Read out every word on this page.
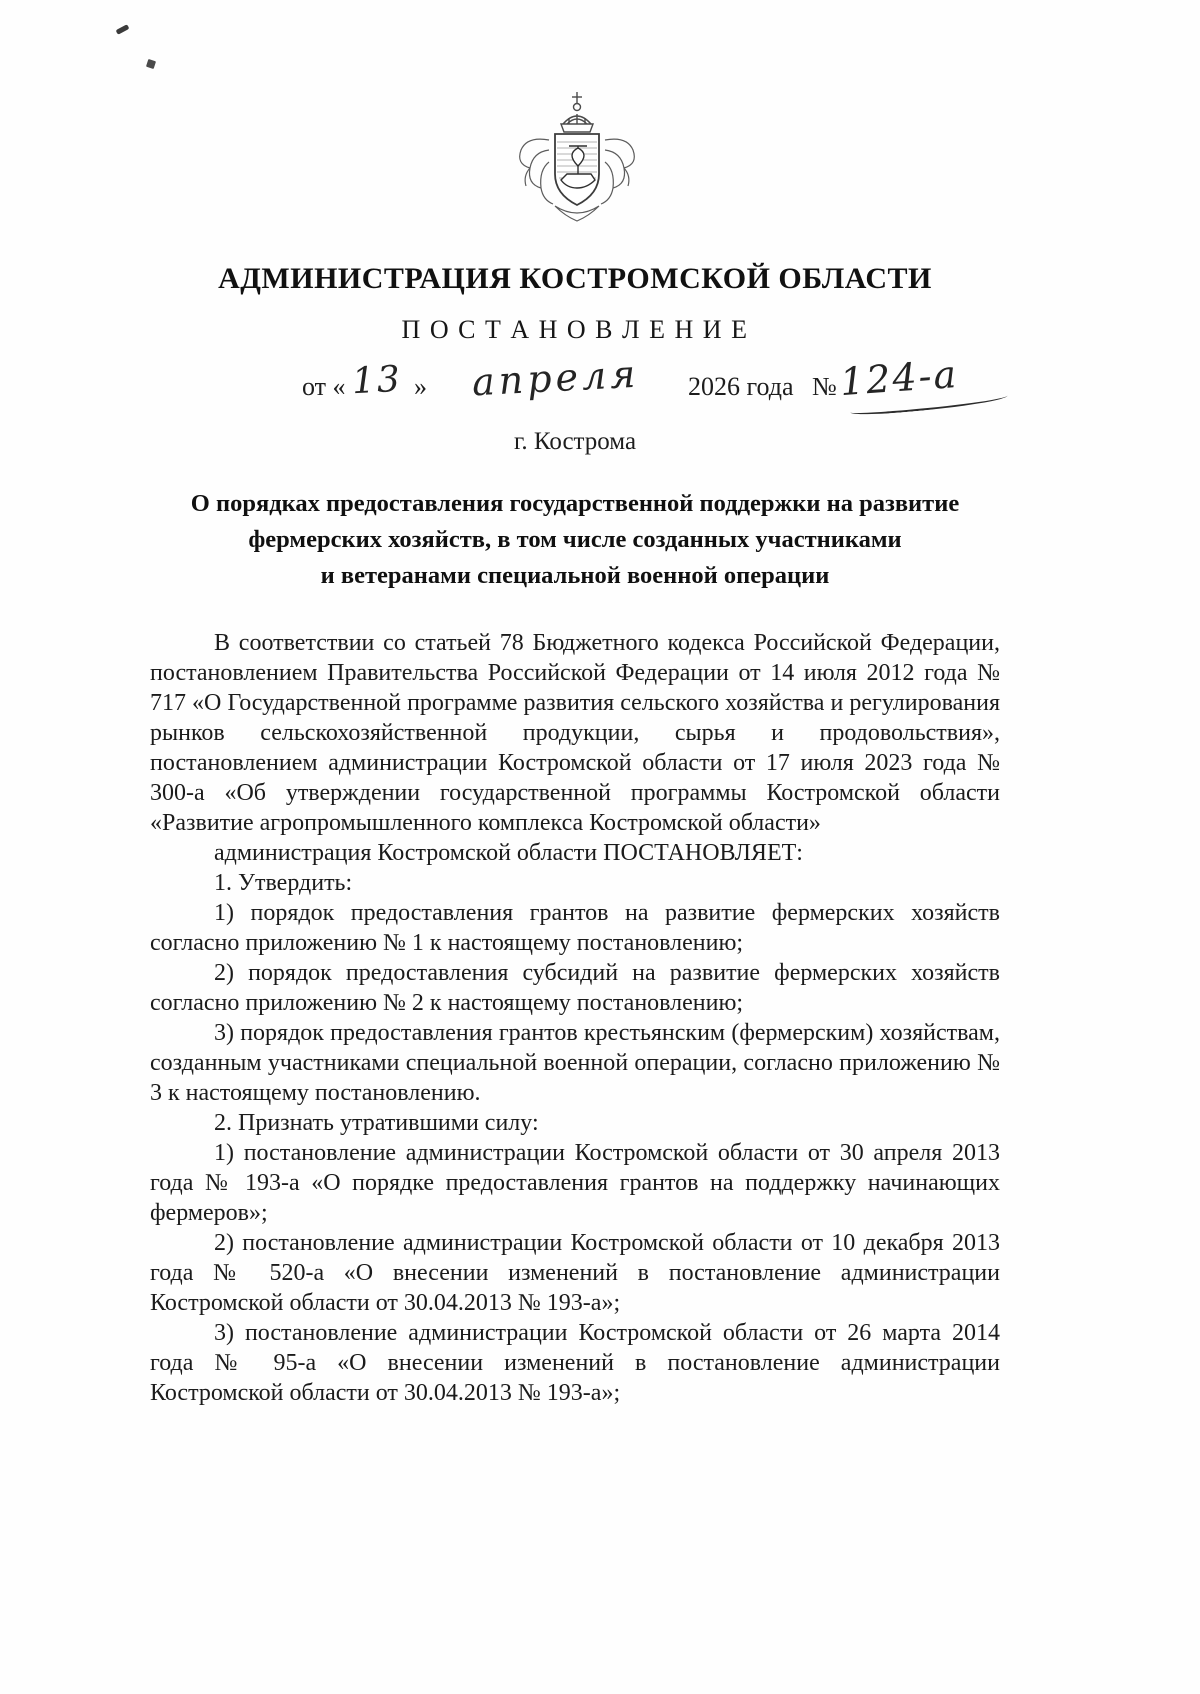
АДМИНИСТРАЦИЯ КОСТРОМСКОЙ ОБЛАСТИ
П О С Т А Н О В Л Е Н И Е
от « 13 » апреля 2026 года № 124-а
г. Кострома
О порядках предоставления государственной поддержки на развитие
фермерских хозяйств, в том числе созданных участниками
и ветеранами специальной военной операции

В соответствии со статьей 78 Бюджетного кодекса Российской Федерации, постановлением Правительства Российской Федерации от 14 июля 2012 года № 717 «О Государственной программе развития сельского хозяйства и регулирования рынков сельскохозяйственной продукции, сырья и продовольствия», постановлением администрации Костромской области от 17 июля 2023 года № 300-а «Об утверждении государственной программы Костромской области «Развитие агропромышленного комплекса Костромской области»

администрация Костромской области ПОСТАНОВЛЯЕТ:

1. Утвердить:

1) порядок предоставления грантов на развитие фермерских хозяйств согласно приложению № 1 к настоящему постановлению;

2) порядок предоставления субсидий на развитие фермерских хозяйств согласно приложению № 2 к настоящему постановлению;

3) порядок предоставления грантов крестьянским (фермерским) хозяйствам, созданным участниками специальной военной операции, согласно приложению № 3 к настоящему постановлению.

2. Признать утратившими силу:

1) постановление администрации Костромской области от 30 апреля 2013 года № 193-а «О порядке предоставления грантов на поддержку начинающих фермеров»;

2) постановление администрации Костромской области от 10 декабря 2013 года № 520-а «О внесении изменений в постановление администрации Костромской области от 30.04.2013 № 193-а»;

3) постановление администрации Костромской области от 26 марта 2014 года № 95-а «О внесении изменений в постановление администрации Костромской области от 30.04.2013 № 193-а»;
